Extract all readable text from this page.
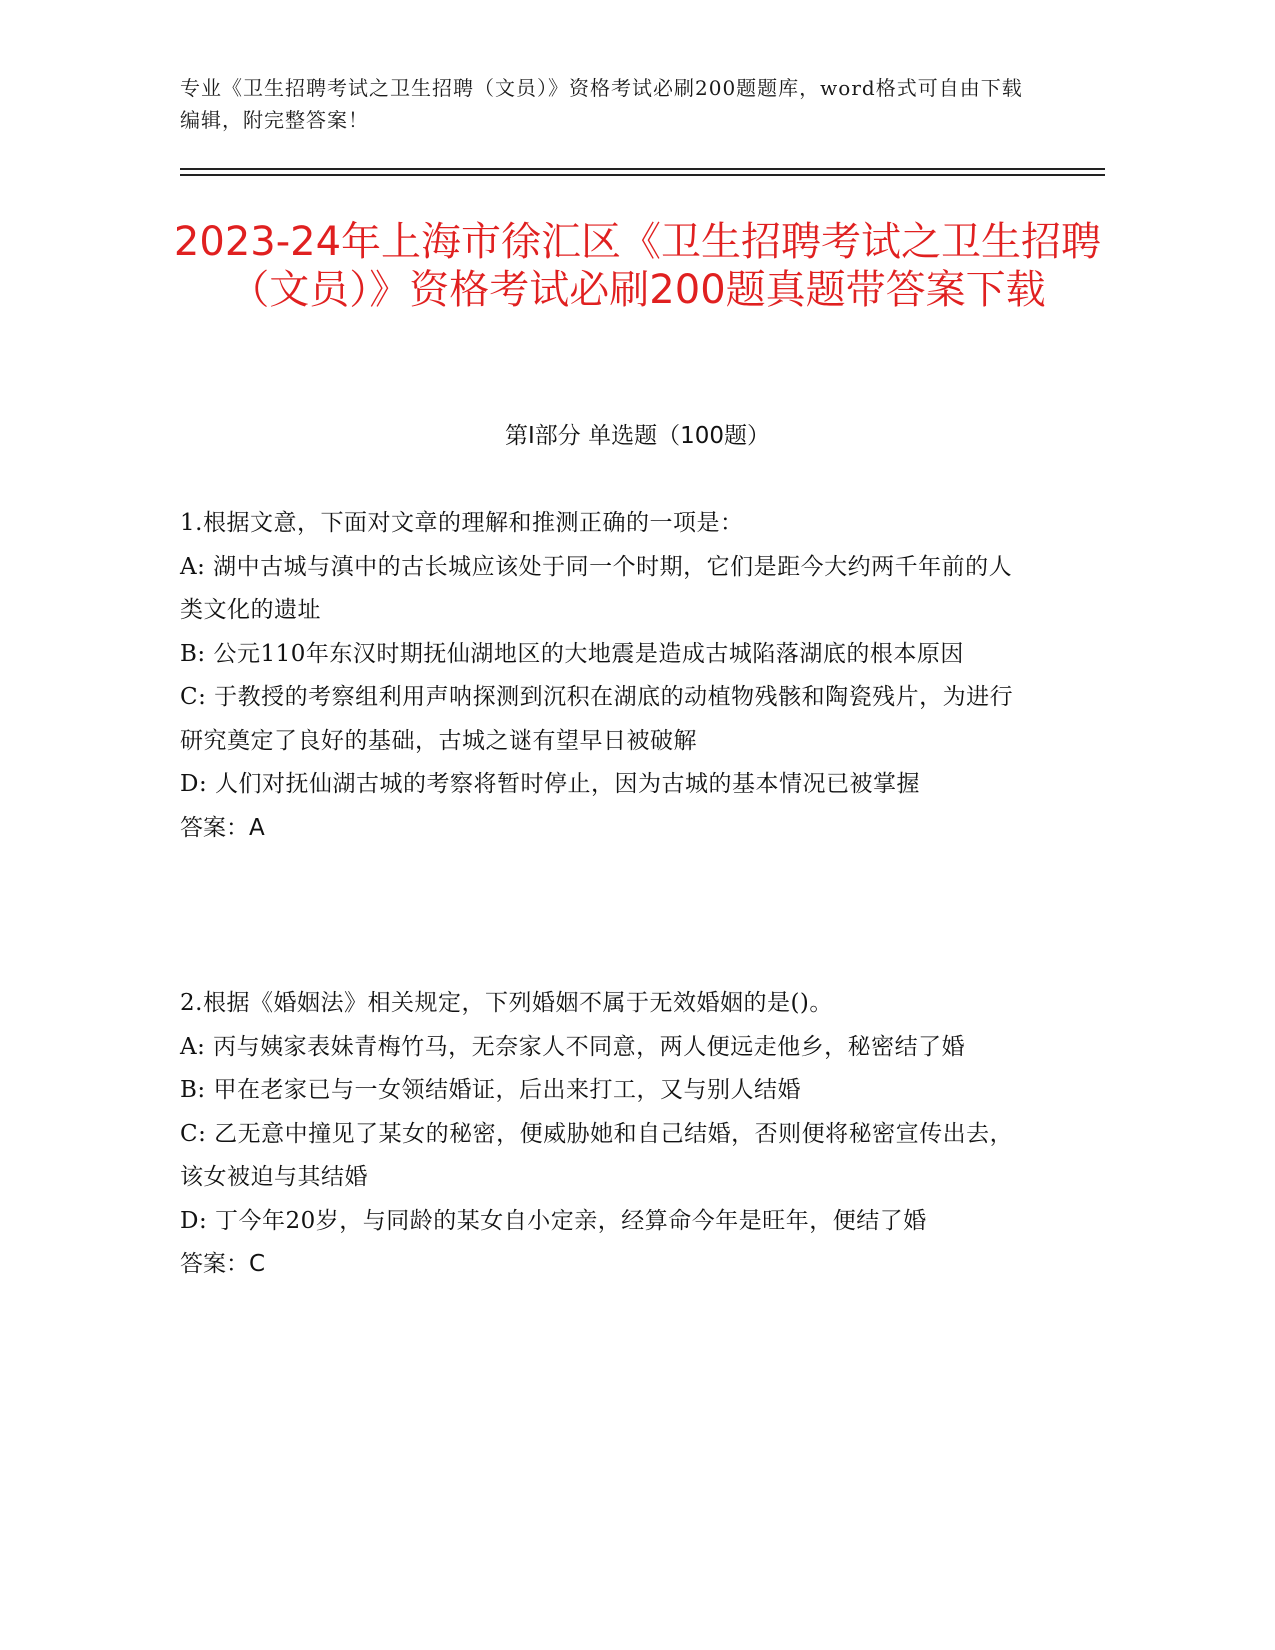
专业《卫生招聘考试之卫生招聘（文员）》资格考试必刷200题题库，word格式可自由下载编辑，附完整答案！
2023-24年上海市徐汇区《卫生招聘考试之卫生招聘（文员）》资格考试必刷200题真题带答案下载
第I部分 单选题（100题）

1.根据文意，下面对文章的理解和推测正确的一项是：

A: 湖中古城与滇中的古长城应该处于同一个时期，它们是距今大约两千年前的人类文化的遗址

B: 公元110年东汉时期抚仙湖地区的大地震是造成古城陷落湖底的根本原因

C: 于教授的考察组利用声呐探测到沉积在湖底的动植物残骸和陶瓷残片，为进行研究奠定了良好的基础，古城之谜有望早日被破解

D: 人们对抚仙湖古城的考察将暂时停止，因为古城的基本情况已被掌握

答案：A

2.根据《婚姻法》相关规定，下列婚姻不属于无效婚姻的是()。

A: 丙与姨家表妹青梅竹马，无奈家人不同意，两人便远走他乡，秘密结了婚

B: 甲在老家已与一女领结婚证，后出来打工，又与别人结婚

C: 乙无意中撞见了某女的秘密，便威胁她和自己结婚，否则便将秘密宣传出去，该女被迫与其结婚

D: 丁今年20岁，与同龄的某女自小定亲，经算命今年是旺年，便结了婚

答案：C
